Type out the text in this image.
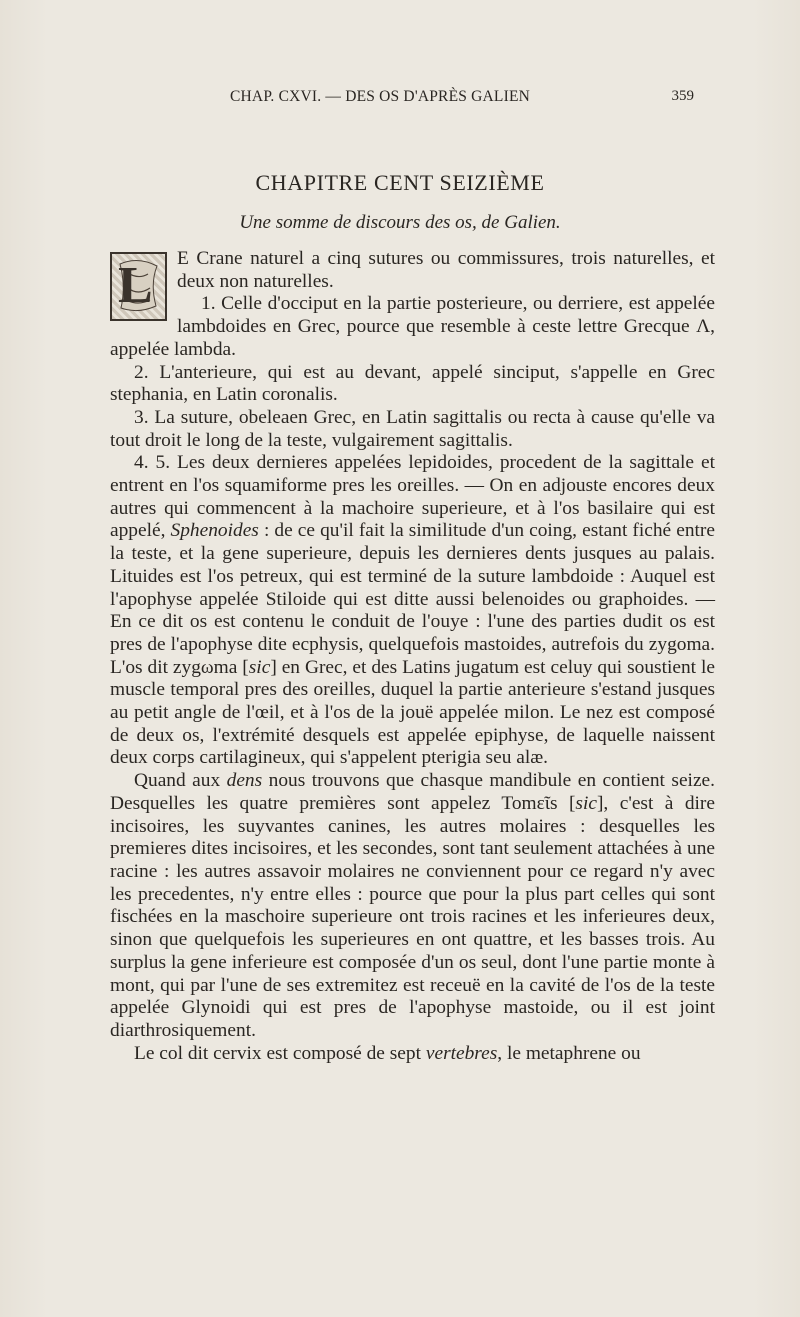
CHAP. CXVI. — DES OS D'APRÈS GALIEN	359
CHAPITRE CENT SEIZIÈME
Une somme de discours des os, de Galien.

L E Crane naturel a cinq sutures ou commissures, trois naturelles, et deux non naturelles.

1. Celle d'occiput en la partie posterieure, ou derriere, est appelée lambdoides en Grec, pource que resemble à ceste lettre Grecque Λ, appelée lambda.

2. L'anterieure, qui est au devant, appelé sinciput, s'appelle en Grec stephania, en Latin coronalis.

3. La suture, obeleaen Grec, en Latin sagittalis ou recta à cause qu'elle va tout droit le long de la teste, vulgairement sagittalis.

4. 5. Les deux dernieres appelées lepidoides, procedent de la sagittale et entrent en l'os squamiforme pres les oreilles. — On en adjouste encores deux autres qui commencent à la machoire superieure, et à l'os basilaire qui est appelé, Sphenoides : de ce qu'il fait la similitude d'un coing, estant fiché entre la teste, et la gene superieure, depuis les dernieres dents jusques au palais. Lituides est l'os petreux, qui est terminé de la suture lambdoide : Auquel est l'apophyse appelée Stiloide qui est ditte aussi belenoides ou graphoides. — En ce dit os est contenu le conduit de l'ouye : l'une des parties dudit os est pres de l'apophyse dite ecphysis, quelquefois mastoides, autrefois du zygoma. L'os dit zygωma [sic] en Grec, et des Latins jugatum est celuy qui soustient le muscle temporal pres des oreilles, duquel la partie anterieure s'estand jusques au petit angle de l'œil, et à l'os de la jouë appelée milon. Le nez est composé de deux os, l'extrémité desquels est appelée epiphyse, de laquelle naissent deux corps cartilagineux, qui s'appelent pterigia seu alæ.

Quand aux dens nous trouvons que chasque mandibule en contient seize. Desquelles les quatre premières sont appelez Tomεῖs [sic], c'est à dire incisoires, les suyvantes canines, les autres molaires : desquelles les premieres dites incisoires, et les secondes, sont tant seulement attachées à une racine : les autres assavoir molaires ne conviennent pour ce regard n'y avec les precedentes, n'y entre elles : pource que pour la plus part celles qui sont fischées en la maschoire superieure ont trois racines et les inferieures deux, sinon que quelquefois les superieures en ont quattre, et les basses trois. Au surplus la gene inferieure est composée d'un os seul, dont l'une partie monte à mont, qui par l'une de ses extremitez est receuë en la cavité de l'os de la teste appelée Glynoidi qui est pres de l'apophyse mastoide, ou il est joint diarthrosiquement.

Le col dit cervix est composé de sept vertebres, le metaphrene ou
